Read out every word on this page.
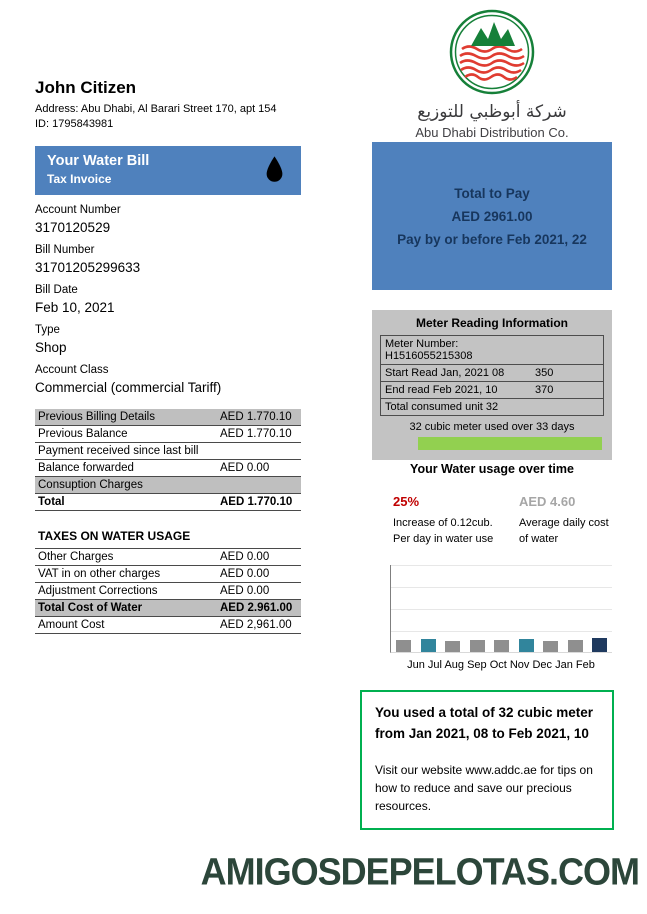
John Citizen
Address: Abu Dhabi, Al Barari Street 170, apt 154
ID: 1795843981
Your Water Bill
Tax Invoice
Account Number
3170120529
Bill Number
31701205299633
Bill Date
Feb 10, 2021
Type
Shop
Account Class
Commercial (commercial Tariff)
Previous Billing Details	AED 1.770.10
Previous Balance	AED 1.770.10
Payment received since last bill
Balance forwarded	AED 0.00
Consuption Charges
Total	AED 1.770.10
TAXES ON WATER USAGE
Other Charges	AED 0.00
VAT in on other charges	AED 0.00
Adjustment Corrections	AED 0.00
Total Cost of Water	AED 2.961.00
Amount Cost	AED 2,961.00
شركة أبوظبي للتوزيع
Abu Dhabi Distribution Co.
Total to Pay
AED 2961.00
Pay by or before Feb 2021, 22
Meter Reading Information
Meter Number: H1516055215308
Start Read Jan, 2021 08	350
End read Feb 2021, 10	370
Total consumed unit 32
32 cubic meter used over 33 days
Your Water usage over time
25%
Increase of 0.12cub. Per day in water use
AED 4.60
Average daily cost of water
Jun Jul Aug Sep Oct Nov Dec Jan Feb
You used a total of 32 cubic meter from Jan 2021, 08 to Feb 2021, 10
Visit our website www.addc.ae for tips on how to reduce and save our precious resources.
AMIGOSDEPELOTAS.COM
